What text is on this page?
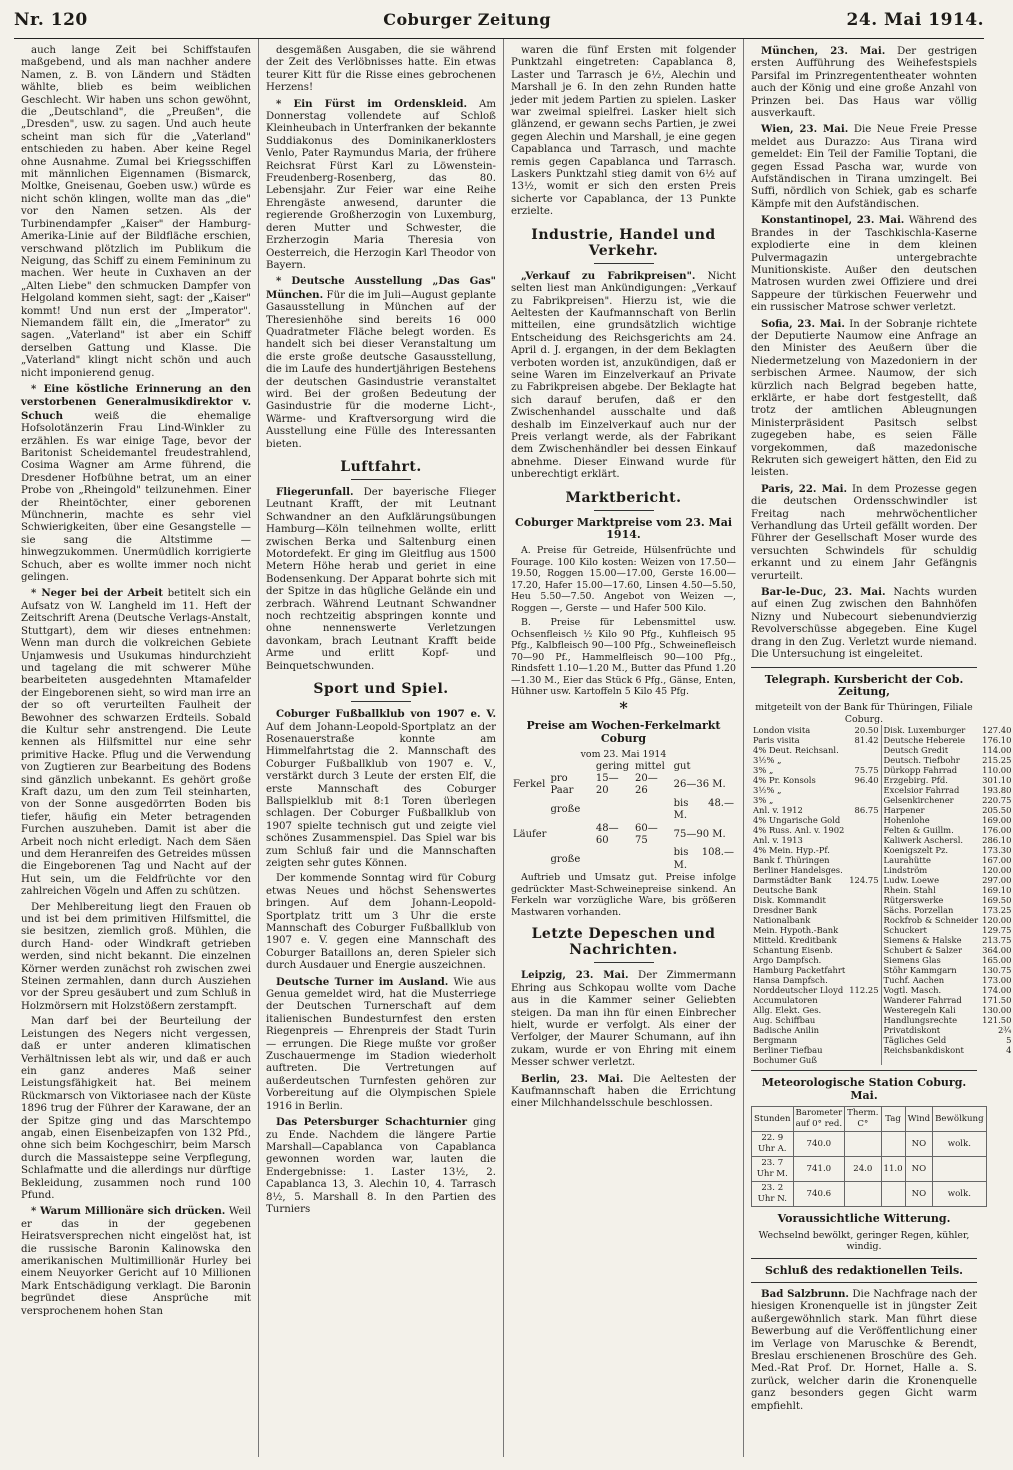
Nr. 120	Coburger Zeitung	24. Mai 1914.

auch lange Zeit bei Schiffstaufen maßgebend, und als man nachher andere Namen, z. B. von Ländern und Städten wählte, blieb es beim weiblichen Geschlecht. Wir haben uns schon gewöhnt, die „Deutschland", die „Preußen", die „Dresden", usw. zu sagen. Und auch heute scheint man sich für die „Vaterland" entschieden zu haben. Aber keine Regel ohne Ausnahme. Zumal bei Kriegsschiffen mit männlichen Eigennamen (Bismarck, Moltke, Gneisenau, Goeben usw.) würde es nicht schön klingen, wollte man das „die" vor den Namen setzen. Als der Turbinendampfer „Kaiser" der Hamburg-Amerika-Linie auf der Bildfläche erschien, verschwand plötzlich im Publikum die Neigung, das Schiff zu einem Femininum zu machen. Wer heute in Cuxhaven an der „Alten Liebe" den schmucken Dampfer von Helgoland kommen sieht, sagt: der „Kaiser" kommt! Und nun erst der „Imperator". Niemandem fällt ein, die „Imerator" zu sagen. „Vaterland" ist aber ein Schiff derselben Gattung und Klasse. Die „Vaterland" klingt nicht schön und auch nicht imponierend genug.

* Eine köstliche Erinnerung an den verstorbenen Generalmusikdirektor v. Schuch	weiß die ehemalige Hofsolotänzerin Frau Lind-Winkler zu erzählen. Es war einige Tage, bevor der Baritonist Scheidemantel freudestrahlend, Cosima Wagner am Arme führend, die Dresdener Hofbühne betrat, um an einer Probe von „Rheingold" teilzunehmen. Einer der Rheintöchter, einer geborenen Münchnerin, machte es sehr viel Schwierigkeiten, über eine Gesangstelle — sie sang die Altstimme — hinwegzukommen. Unermüdlich korrigierte Schuch, aber es wollte immer noch nicht gelingen.

* Neger bei der Arbeit betitelt sich ein Aufsatz von W. Langheld im 11. Heft der Zeitschrift Arena (Deutsche Verlags-Anstalt, Stuttgart), dem wir dieses entnehmen: Wenn man durch die volkreichen Gebiete Unjamwesis und Usukumas hindurchzieht und tagelang die mit schwerer Mühe bearbeiteten ausgedehnten Mtamafelder der Eingeborenen sieht, so wird man irre an der so oft verurteilten Faulheit der Bewohner des schwarzen Erdteils. Sobald die Kultur sehr anstrengend. Die Leute kennen als Hilfsmittel nur eine sehr primitive Hacke. Pflug und die Verwendung von Zugtieren zur Bearbeitung des Bodens sind gänzlich unbekannt. Es gehört große Kraft dazu, um den zum Teil steinharten, von der Sonne ausgedörrten Boden bis tiefer, häufig ein Meter betragenden Furchen auszuheben. Damit ist aber die Arbeit noch nicht erledigt. Nach dem Säen und dem Heranreifen des Getreides müssen die Eingeborenen Tag und Nacht auf der Hut sein, um die Feldfrüchte vor den zahlreichen Vögeln und Affen zu schützen.

Der Mehlbereitung liegt den Frauen ob und ist bei dem primitiven Hilfsmittel, die sie besitzen, ziemlich groß. Mühlen, die durch Hand- oder Windkraft getrieben werden, sind nicht bekannt. Die einzelnen Körner werden zunächst roh zwischen zwei Steinen zermahlen, dann durch Ausziehen vor der Spreu gesäubert und zum Schluß in Holzmörsern mit Holzstößern zerstampft.

Man darf bei der Beurteilung der Leistungen des Negers nicht vergessen, daß er unter anderen klimatischen Verhältnissen lebt als wir, und daß er auch ein ganz anderes Maß seiner Leistungsfähigkeit hat. Bei meinem Rückmarsch von Viktoriasee nach der Küste 1896 trug der Führer der Karawane, der an der Spitze ging und das Marschtempo angab, einen Eisenbeizapfen von 132 Pfd., ohne sich beim Kochgeschirr, beim Marsch durch die Massaisteppe seine Verpflegung, Schlafmatte und die allerdings nur dürftige Bekleidung, zusammen noch rund 100 Pfund.

* Warum Millionäre sich drücken. Weil er das in der gegebenen Heiratsversprechen nicht eingelöst hat, ist die russische Baronin Kalinowska den amerikanischen Multimillionär Hurley bei einem Neuyorker Gericht auf 10 Millionen Mark Entschädigung verklagt. Die Baronin begründet diese Ansprüche mit versprochenem hohen Stan

desgemäßen Ausgaben, die sie während der Zeit des Verlöbnisses hatte. Ein etwas teurer Kitt für die Risse eines gebrochenen Herzens!

* Ein Fürst im Ordenskleid. Am Donnerstag vollendete auf Schloß Kleinheubach in Unterfranken der bekannte Suddiakonus des Dominikanerklosters Venlo, Pater Raymundus Maria, der frühere Reichsrat Fürst Karl zu Löwenstein-Freudenberg-Rosenberg, das 80. Lebensjahr. Zur Feier war eine Reihe Ehrengäste anwesend, darunter die regierende Großherzogin von Luxemburg, deren Mutter und Schwester, die Erzherzogin Maria Theresia von Oesterreich, die Herzogin Karl Theodor von Bayern.

* Deutsche Ausstellung „Das Gas" München. Für die im Juli—August geplante Gasausstellung in München auf der Theresienhöhe sind bereits 16 000 Quadratmeter Fläche belegt worden. Es handelt sich bei dieser Veranstaltung um die erste große deutsche Gasausstellung, die im Laufe des hundertjährigen Bestehens der deutschen Gasindustrie veranstaltet wird. Bei der großen Bedeutung der Gasindustrie für die moderne Licht-, Wärme- und Kraftversorgung wird die Ausstellung eine Fülle des Interessanten bieten.

Luftfahrt.

Fliegerunfall. Der bayerische Flieger Leutnant Krafft, der mit Leutnant Schwandner an den Aufklärungsübungen Hamburg—Köln teilnehmen wollte, erlitt zwischen Berka und Saltenburg einen Motordefekt. Er ging im Gleitflug aus 1500 Metern Höhe herab und geriet in eine Bodensenkung. Der Apparat bohrte sich mit der Spitze in das hügliche Gelände ein und zerbrach. Während Leutnant Schwandner noch rechtzeitig abspringen konnte und ohne nennenswerte Verletzungen davonkam, brach Leutnant Krafft beide Arme und erlitt Kopf- und Beinquetschwunden.

Sport und Spiel.

Coburger Fußballklub von 1907 e. V. Auf dem Johann-Leopold-Sportplatz an der Rosenauerstraße konnte am Himmelfahrtstag die 2. Mannschaft des Coburger Fußballklub von 1907 e. V., verstärkt durch 3 Leute der ersten Elf, die erste Mannschaft des Coburger Ballspielklub mit 8:1 Toren überlegen schlagen. Der Coburger Fußballklub von 1907 spielte technisch gut und zeigte viel schönes Zusammenspiel. Das Spiel war bis zum Schluß fair und die Mannschaften zeigten sehr gutes Können.

Der kommende Sonntag wird für Coburg etwas Neues und höchst Sehenswertes bringen. Auf dem Johann-Leopold-Sportplatz tritt um 3 Uhr die erste Mannschaft des Coburger Fußballklub von 1907 e. V. gegen eine Mannschaft des Coburger Bataillons an, deren Spieler sich durch Ausdauer und Energie auszeichnen.

Deutsche Turner im Ausland. Wie aus Genua gemeldet wird, hat die Musterriege der Deutschen Turnerschaft auf dem italienischen Bundesturnfest den ersten Riegenpreis — Ehrenpreis der Stadt Turin — errungen. Die Riege mußte vor großer Zuschauermenge im Stadion wiederholt auftreten. Die Vertretungen auf außerdeutschen Turnfesten gehören zur Vorbereitung auf die Olympischen Spiele 1916 in Berlin.

Das Petersburger Schachturnier ging zu Ende. Nachdem die längere Partie Marshall—Capablanca von Capablanca gewonnen worden war, lauten die Endergebnisse: 1. Laster 13½, 2. Capablanca 13, 3. Alechin 10, 4. Tarrasch 8½, 5. Marshall 8. In den Partien des Turniers

waren die fünf Ersten mit folgender Punktzahl eingetreten: Capablanca 8, Laster und Tarrasch je 6½, Alechin und Marshall je 6. In den zehn Runden hatte jeder mit jedem Partien zu spielen. Lasker war zweimal spielfrei. Lasker hielt sich glänzend, er gewann sechs Partien, je zwei gegen Alechin und Marshall, je eine gegen Capablanca und Tarrasch, und machte remis gegen Capablanca und Tarrasch. Laskers Punktzahl stieg damit von 6½ auf 13½, womit er sich den ersten Preis sicherte vor Capablanca, der 13 Punkte erzielte.

Industrie, Handel und Verkehr.

„Verkauf zu Fabrikpreisen". Nicht selten liest man Ankündigungen: „Verkauf zu Fabrikpreisen". Hierzu ist, wie die Aeltesten der Kaufmannschaft von Berlin mitteilen, eine grundsätzlich wichtige Entscheidung des Reichsgerichts am 24. April d. J. ergangen, in der dem Beklagten verboten worden ist, anzukündigen, daß er seine Waren im Einzelverkauf an Private zu Fabrikpreisen abgebe. Der Beklagte hat sich darauf berufen, daß er den Zwischenhandel ausschalte und daß deshalb im Einzelverkauf auch nur der Preis verlangt werde, als der Fabrikant dem Zwischenhändler bei dessen Einkauf abnehme. Dieser Einwand wurde für unberechtigt erklärt.

Marktbericht.
Coburger Marktpreise vom 23. Mai 1914.

A. Preise für Getreide, Hülsenfrüchte und Fourage. 100 Kilo kosten: Weizen von 17.50—19.50, Roggen 15.00—17.00, Gerste 16.00—17.20, Hafer 15.00—17.60, Linsen 4.50—5.50, Heu 5.50—7.50. Angebot von Weizen —, Roggen —, Gerste — und Hafer 500 Kilo.

B. Preise für Lebensmittel usw. Ochsenfleisch ½ Kilo 90 Pfg., Kuhfleisch 95 Pfg., Kalbfleisch 90—100 Pfg., Schweinefleisch 70—90 Pf., Hammelfleisch 90—100 Pfg., Rindsfett 1.10—1.20 M., Butter das Pfund 1.20—1.30 M., Eier das Stück 6 Pfg., Gänse, Enten, Hühner usw. Kartoffeln 5 Kilo 45 Pfg.

*
Preise am Wochen-Ferkelmarkt Coburg
vom 23. Mai 1914
		gering	mittel	gut
Ferkel	pro Paar	15—20	20—26	26—36 M.
	große			bis 48.— M.
Läufer		48—60	60—75	75—90 M.
	große			bis 108.— M.

Auftrieb und Umsatz gut. Preise infolge gedrückter Mast-Schweinepreise sinkend. An Ferkeln war vorzügliche Ware, bis größeren Mastwaren vorhanden.

Letzte Depeschen und Nachrichten.

Leipzig, 23. Mai. Der Zimmermann Ehring aus Schkopau wollte vom Dache aus in die Kammer seiner Geliebten steigen. Da man ihn für einen Einbrecher hielt, wurde er verfolgt. Als einer der Verfolger, der Maurer Schumann, auf ihn zukam, wurde er von Ehring mit einem Messer schwer verletzt.

Berlin, 23. Mai. Die Aeltesten der Kaufmannschaft haben die Errichtung einer Milchhandelsschule beschlossen.

München, 23. Mai. Der gestrigen ersten Aufführung des Weihefestspiels Parsifal im Prinzregententheater wohnten auch der König und eine große Anzahl von Prinzen bei. Das Haus war völlig ausverkauft.

Wien, 23. Mai. Die Neue Freie Presse meldet aus Durazzo: Aus Tirana wird gemeldet: Ein Teil der Familie Toptani, die gegen Essad Pascha war, wurde von Aufständischen in Tirana umzingelt. Bei Suffi, nördlich von Schiek, gab es scharfe Kämpfe mit den Aufständischen.

Konstantinopel, 23. Mai. Während des Brandes in der Taschkischla-Kaserne explodierte eine in dem kleinen Pulvermagazin untergebrachte Munitionskiste. Außer den deutschen Matrosen wurden zwei Offiziere und drei Sappeure der türkischen Feuerwehr und ein russischer Matrose schwer verletzt.

Sofia, 23. Mai. In der Sobranje richtete der Deputierte Naumow eine Anfrage an den Minister des Aeußern über die Niedermetzelung von Mazedoniern in der serbischen Armee. Naumow, der sich kürzlich nach Belgrad begeben hatte, erklärte, er habe dort festgestellt, daß trotz der amtlichen Ableugnungen Ministerpräsident Pasitsch selbst zugegeben habe, es seien Fälle vorgekommen, daß mazedonische Rekruten sich geweigert hätten, den Eid zu leisten.

Paris, 22. Mai. In dem Prozesse gegen die deutschen Ordensschwindler ist Freitag nach mehrwöchentlicher Verhandlung das Urteil gefällt worden. Der Führer der Gesellschaft Moser wurde des versuchten Schwindels für schuldig erkannt und zu einem Jahr Gefängnis verurteilt.

Bar-le-Duc, 23. Mai. Nachts wurden auf einen Zug zwischen den Bahnhöfen Nizny und Nubecourt siebenundvierzig Revolverschüsse abgegeben. Eine Kugel drang in den Zug. Verletzt wurde niemand. Die Untersuchung ist eingeleitet.

Telegraph. Kursbericht der Cob. Zeitung,
mitgeteilt von der Bank für Thüringen, Filiale Coburg.
London visita	20.50	Disk. Luxemburger	127.40
Paris visita	81.42	Deutsche Hebereie	176.10
4% Deut. Reichsanl.		Deutsch Gredit	114.00
3½% „		Deutsch. Tiefbohr	215.25
3% „	75.75	Dürkopp Fahrrad	110.00
4% Pr. Konsols	96.40	Erzgebirg. Pfd.	301.10
3½% „		Excelsior Fahrrad	193.80
3% „		Gelsenkirchener	220.75
Anl. v. 1912	86.75	Harpener	205.50
4% Ungarische Gold		Hohenlohe	169.00
4% Russ. Anl. v. 1902		Felten & Guillm.	176.00
Anl. v. 1913		Kaliwerk Aschersl.	286.10
4% Mein. Hyp.-Pf.		Koenigszelt Pz.	173.30
Bank f. Thüringen		Laurahütte	167.00
Berliner Handelsges.		Lindström	120.00
Darmstädter Bank	124.75	Ludw. Loewe	297.00
Deutsche Bank		Rhein. Stahl	169.10
Disk. Kommandit		Rütgerswerke	169.50
Dresdner Bank		Sächs. Porzellan	173.25
Nationalbank		Rockfrob & Schneider	120.00
Mein. Hypoth.-Bank		Schuckert	129.75
Mitteld. Kreditbank		Siemens & Halske	213.75
Schantung Eisenb.		Schubert & Salzer	364.00
Argo Dampfsch.		Siemens Glas	165.00
Hamburg Packetfahrt		Stöhr Kammgarn	130.75
Hansa Dampfsch.		Tuchf. Aachen	173.00
Norddeutscher Lloyd	112.25	Vogtl. Masch.	174.00
Accumulatoren		Wanderer Fahrrad	171.50
Allg. Elekt. Ges.		Westeregeln Kali	130.00
Aug. Schiffbau		Handlungsrechte	121.50
Badische Anilin		Privatdiskont	2¾
Bergmann		Tägliches Geld	5
Berliner Tiefbau		Reichsbankdiskont	4
Bochumer Guß			
Meteorologische Station Coburg. Mai.
Stunden	Barometer auf 0° red.	Therm. C°	Tag	Wind	Bewölkung
22. 9 Uhr A.	740.0			NO	wolk.
23. 7 Uhr M.	741.0	24.0	11.0	NO	
23. 2 Uhr N.	740.6			NO	wolk.
Voraussichtliche Witterung.
Wechselnd bewölkt, geringer Regen, kühler, windig.
Schluß des redaktionellen Teils.

Bad Salzbrunn. Die Nachfrage nach der hiesigen Kronenquelle ist in jüngster Zeit außergewöhnlich stark. Man führt diese Bewerbung auf die Veröffentlichung einer im Verlage von Maruschke & Berendt, Breslau erschienenen Broschüre des Geh. Med.-Rat Prof. Dr. Hornet, Halle a. S. zurück, welcher darin die Kronenquelle ganz besonders gegen Gicht warm empfiehlt.
